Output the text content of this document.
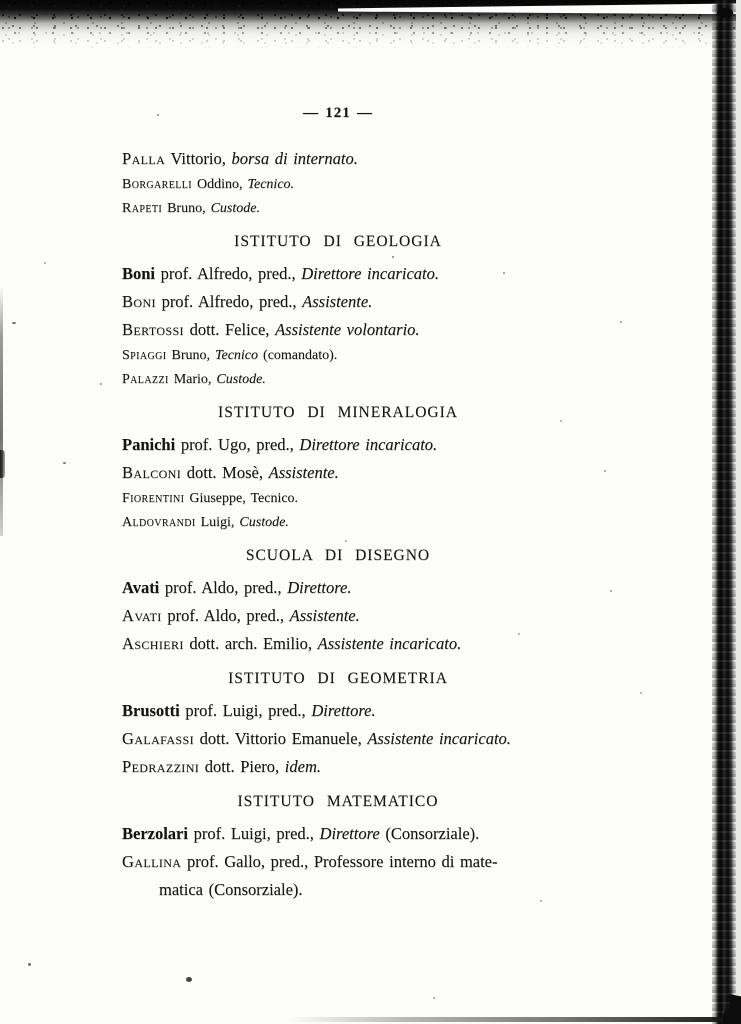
— 121 —
Palla Vittorio, borsa di internato.
Borgarelli Oddino, Tecnico.
Rapeti Bruno, Custode.
ISTITUTO DI GEOLOGIA
Boni prof. Alfredo, pred., Direttore incaricato.
Boni prof. Alfredo, pred., Assistente.
Bertossi dott. Felice, Assistente volontario.
Spiaggi Bruno, Tecnico (comandato).
Palazzi Mario, Custode.
ISTITUTO DI MINERALOGIA
Panichi prof. Ugo, pred., Direttore incaricato.
Balconi dott. Mosè, Assistente.
Fiorentini Giuseppe, Tecnico.
Aldovrandi Luigi, Custode.
SCUOLA DI DISEGNO
Avati prof. Aldo, pred., Direttore.
Avati prof. Aldo, pred., Assistente.
Aschieri dott. arch. Emilio, Assistente incaricato.
ISTITUTO DI GEOMETRIA
Brusotti prof. Luigi, pred., Direttore.
Galafassi dott. Vittorio Emanuele, Assistente incaricato.
Pedrazzini dott. Piero, idem.
ISTITUTO MATEMATICO
Berzolari prof. Luigi, pred., Direttore (Consorziale).
Gallina prof. Gallo, pred., Professore interno di mate-
matica (Consorziale).
